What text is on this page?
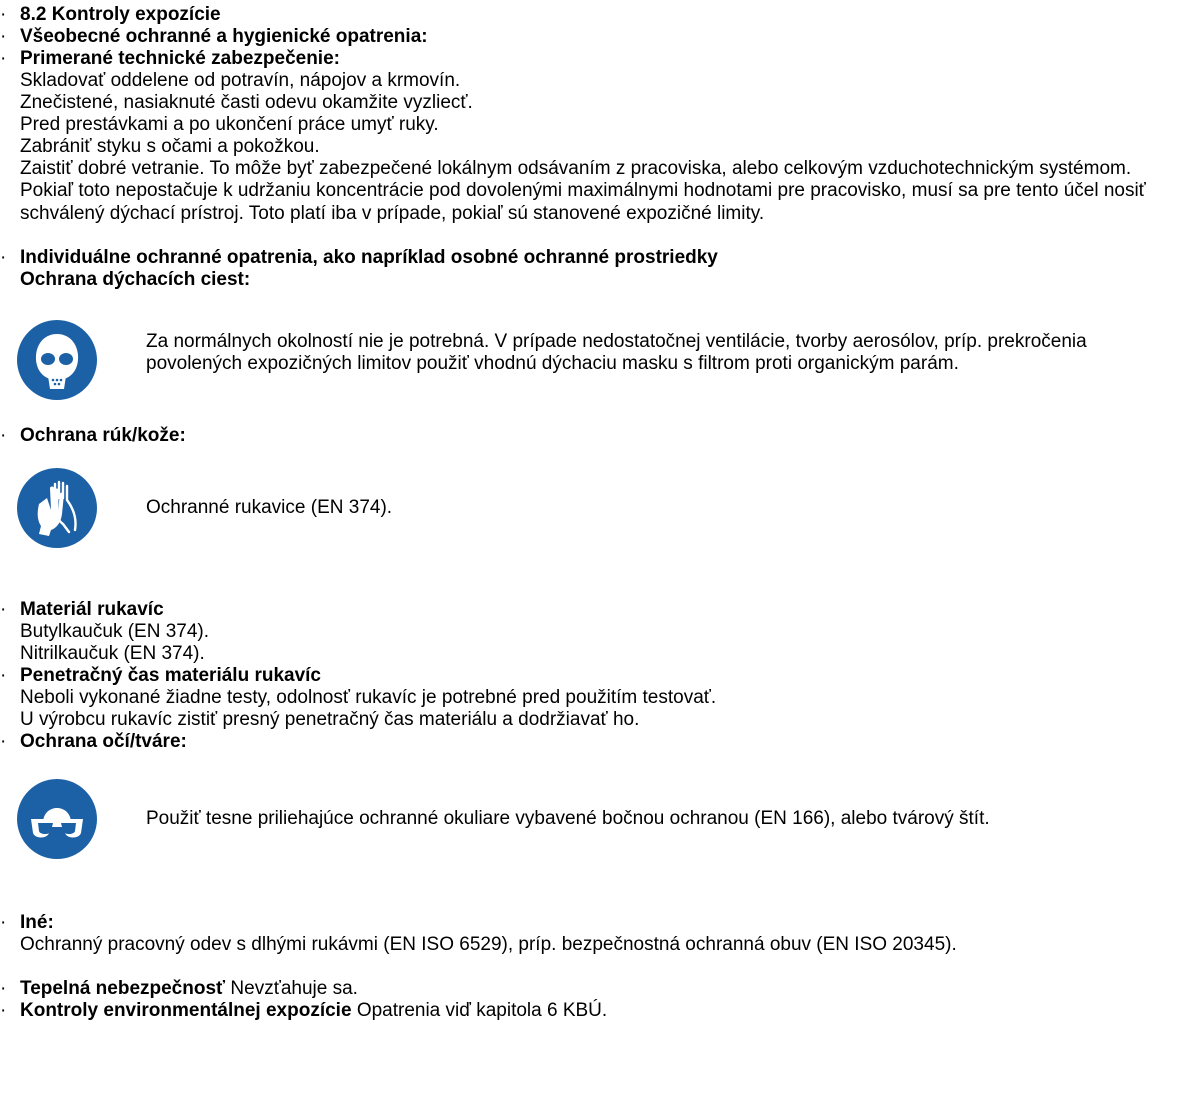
· 8.2 Kontroly expozície
· Všeobecné ochranné a hygienické opatrenia:
· Primerané technické zabezpečenie:
Skladovať oddelene od potravín, nápojov a krmovín.
Znečistené, nasiaknuté časti odevu okamžite vyzliecť.
Pred prestávkami a po ukončení práce umyť ruky.
Zabrániť styku s očami a pokožkou.
Zaistiť dobré vetranie. To môže byť zabezpečené lokálnym odsávaním z pracoviska, alebo celkovým vzduchotechnickým systémom. Pokiaľ toto nepostačuje k udržaniu koncentrácie pod dovolenými maximálnymi hodnotami pre pracovisko, musí sa pre tento účel nosiť schválený dýchací prístroj. Toto platí iba v prípade, pokiaľ sú stanovené expozičné limity.
· Individuálne ochranné opatrenia, ako napríklad osobné ochranné prostriedky
Ochrana dýchacích ciest:
Za normálnych okolností nie je potrebná. V prípade nedostatočnej ventilácie, tvorby aerosólov, príp. prekročenia povolených expozičných limitov použiť vhodnú dýchaciu masku s filtrom proti organickým parám.
· Ochrana rúk/kože:
Ochranné rukavice (EN 374).
· Materiál rukavíc
Butylkaučuk (EN 374).
Nitrilkaučuk (EN 374).
· Penetračný čas materiálu rukavíc
Neboli vykonané žiadne testy, odolnosť rukavíc je potrebné pred použitím testovať.
U výrobcu rukavíc zistiť presný penetračný čas materiálu a dodržiavať ho.
· Ochrana očí/tváre:
Použiť tesne priliehajúce ochranné okuliare vybavené bočnou ochranou (EN 166), alebo tvárový štít.
· Iné:
Ochranný pracovný odev s dlhými rukávmi (EN ISO 6529), príp. bezpečnostná ochranná obuv (EN ISO 20345).
· Tepelná nebezpečnosť Nevzťahuje sa.
· Kontroly environmentálnej expozície Opatrenia viď kapitola 6 KBÚ.
